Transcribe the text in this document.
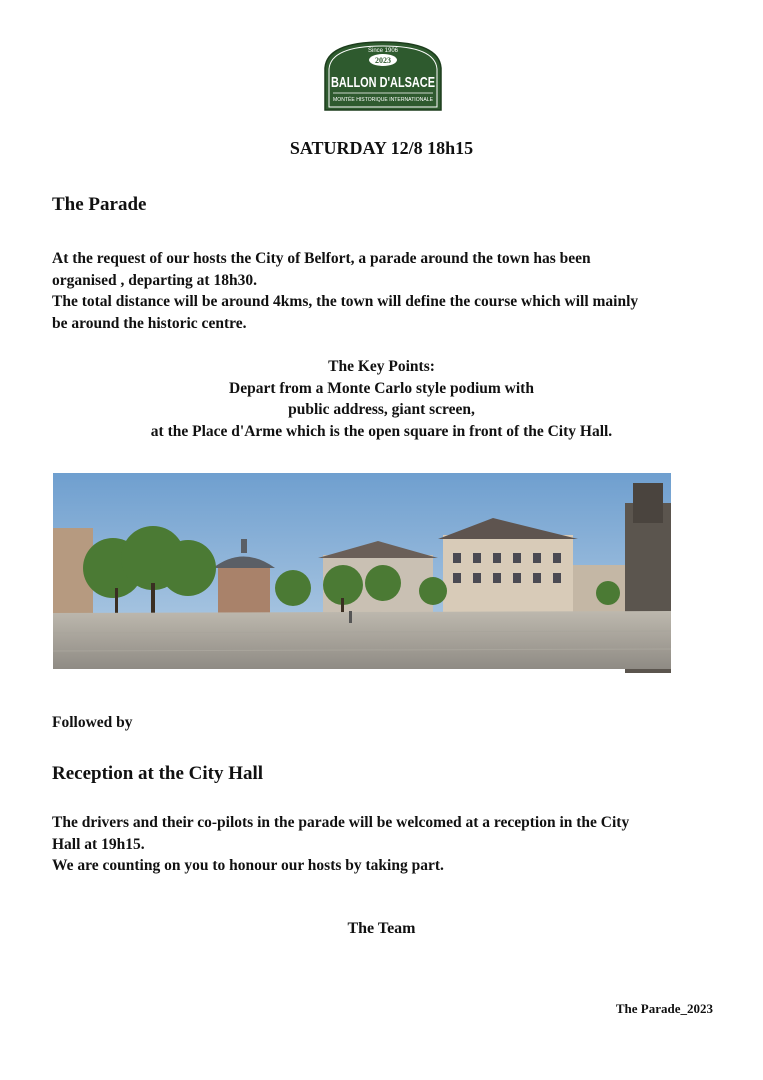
Since 1906
2023
BALLON D'ALSACE
MONTÉE HISTORIQUE INTERNATIONALE
SATURDAY 12/8 18h15
The Parade
At the request of our hosts the City of Belfort, a parade around the town has been
organised , departing at 18h30.
The total distance will be around 4kms, the town will define the course which will mainly
be around the historic centre.
The Key Points:
Depart from a Monte Carlo style podium with
public address, giant screen,
at the Place d'Arme which is the open square in front of the City Hall.
Followed by
Reception at the City Hall
The drivers and their co-pilots in the parade will be welcomed at a reception in the City
Hall at 19h15.
We are counting on you to honour our hosts by taking part.
The Team
The Parade_2023
